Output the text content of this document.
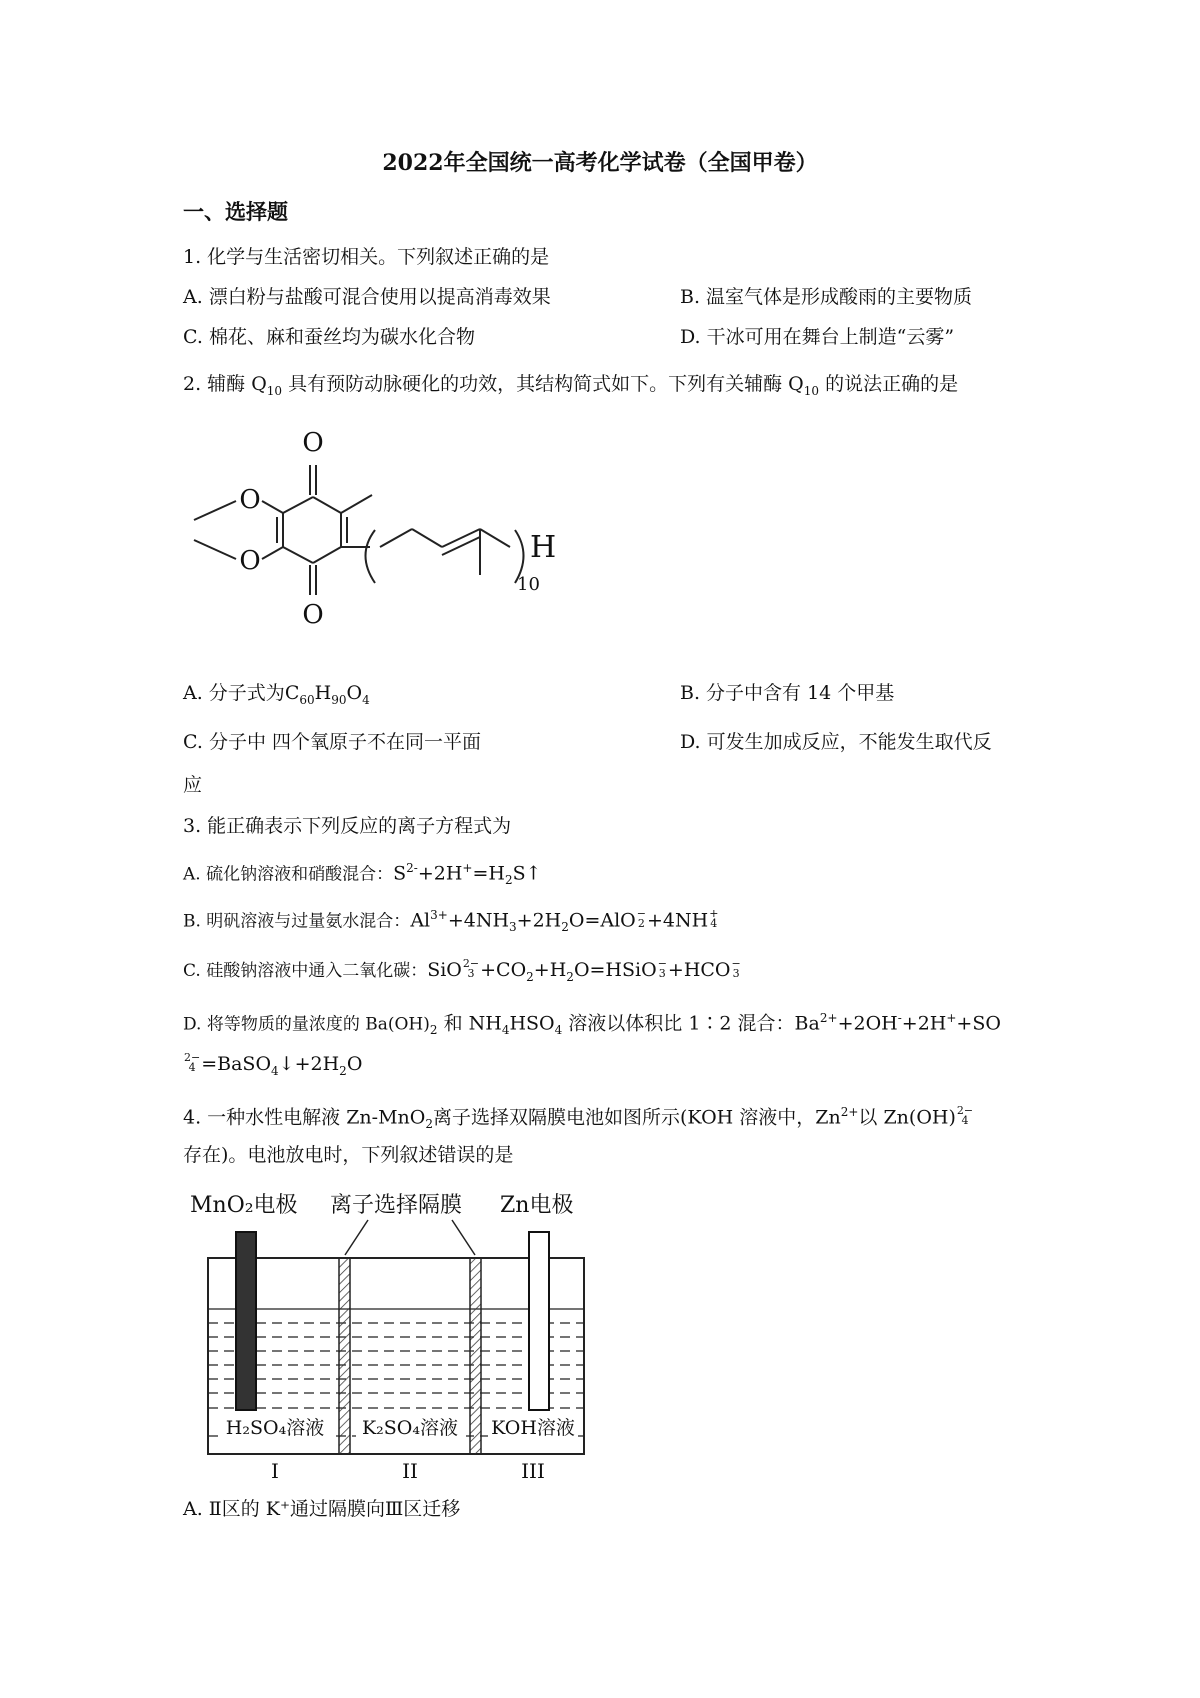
2022年全国统一高考化学试卷（全国甲卷）
一、选择题
1. 化学与生活密切相关。下列叙述正确的是
A. 漂白粉与盐酸可混合使用以提高消毒效果	B. 温室气体是形成酸雨的主要物质
C. 棉花、麻和蚕丝均为碳水化合物	D. 干冰可用在舞台上制造“云雾”
2. 辅酶 $Q_{10}$ 具有预防动脉硬化的功效，其结构简式如下。下列有关辅酶 $Q_{10}$ 的说法正确的是
O
O
O
O	H
10
A. 分子式为$C_{60}H_{90}O_4$	B. 分子中含有 14 个甲基
C. 分子中 四个氧原子不在同一平面	D. 可发生加成反应，不能发生取代反
应
3. 能正确表示下列反应的离子方程式为
A. 硫化钠溶液和硝酸混合：$S^{2-}+2H^+=H_2S↑$
B. 明矾溶液与过量氨水混合：$Al^{3+}+4NH_3+2H_2O=AlO$ −
2 +4NH +
4
C. 硅酸钠溶液中通入二氧化碳：SiO 2−
$3 +CO_2+H_2O=HSiO$ −
3 +HCO −
3
D. 将等物质的量浓度的 $Ba(OH)_2$ 和 $NH_4HSO_4$ 溶液以体积比 1∶2 混合：$Ba^{2+}+2OH^-+2H^++SO$
2−
$4 =BaSO_4↓+2H_2O$
4. 一种水性电解液 Zn-MnO$_2$离子选择双隔膜电池如图所示(KOH 溶液中，$Zn^{2+}$以 Zn(OH) 2−
4
存在)。电池放电时，下列叙述错误的是
MnO₂电极 离子选择隔膜 Zn电极
H₂SO₄溶液 K₂SO₄溶液 KOH溶液
I	II	III
A. Ⅱ区的 K⁺通过隔膜向Ⅲ区迁移
